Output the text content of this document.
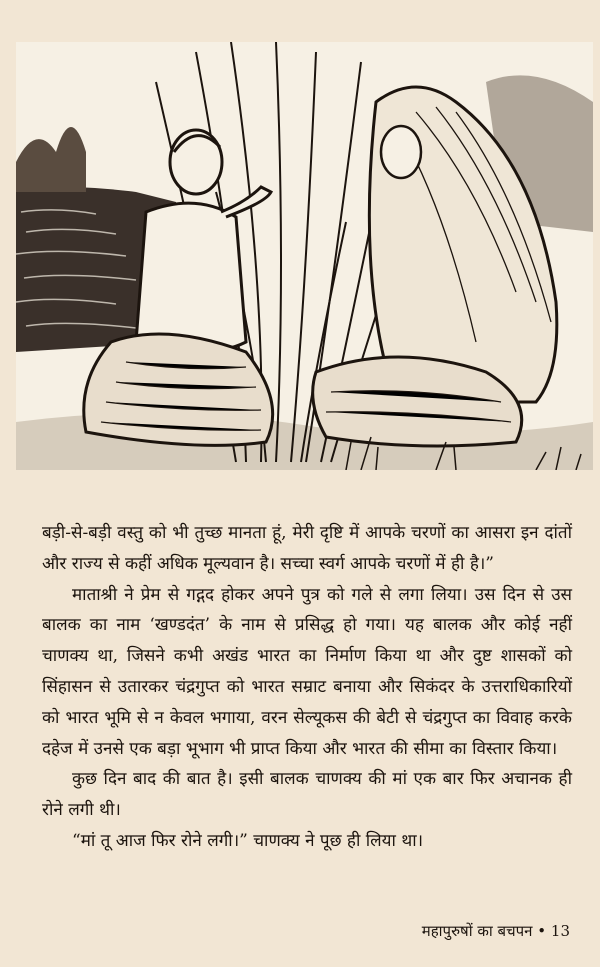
बड़ी-से-बड़ी वस्तु को भी तुच्छ मानता हूं, मेरी दृष्टि में आपके चरणों का आसरा इन दांतों और राज्य से कहीं अधिक मूल्यवान है। सच्चा स्वर्ग आपके चरणों में ही है।”

माताश्री ने प्रेम से गद्गद होकर अपने पुत्र को गले से लगा लिया। उस दिन से उस बालक का नाम ‘खण्डदंत’ के नाम से प्रसिद्ध हो गया। यह बालक और कोई नहीं चाणक्य था, जिसने कभी अखंड भारत का निर्माण किया था और दुष्ट शासकों को सिंहासन से उतारकर चंद्रगुप्त को भारत सम्राट बनाया और सिकंदर के उत्तराधिकारियों को भारत भूमि से न केवल भगाया, वरन सेल्यूकस की बेटी से चंद्रगुप्त का विवाह करके दहेज में उनसे एक बड़ा भूभाग भी प्राप्त किया और भारत की सीमा का विस्तार किया।

कुछ दिन बाद की बात है। इसी बालक चाणक्य की मां एक बार फिर अचानक ही रोने लगी थी।

“मां तू आज फिर रोने लगी।” चाणक्य ने पूछ ही लिया था।

महापुरुषों का बचपन • 13
